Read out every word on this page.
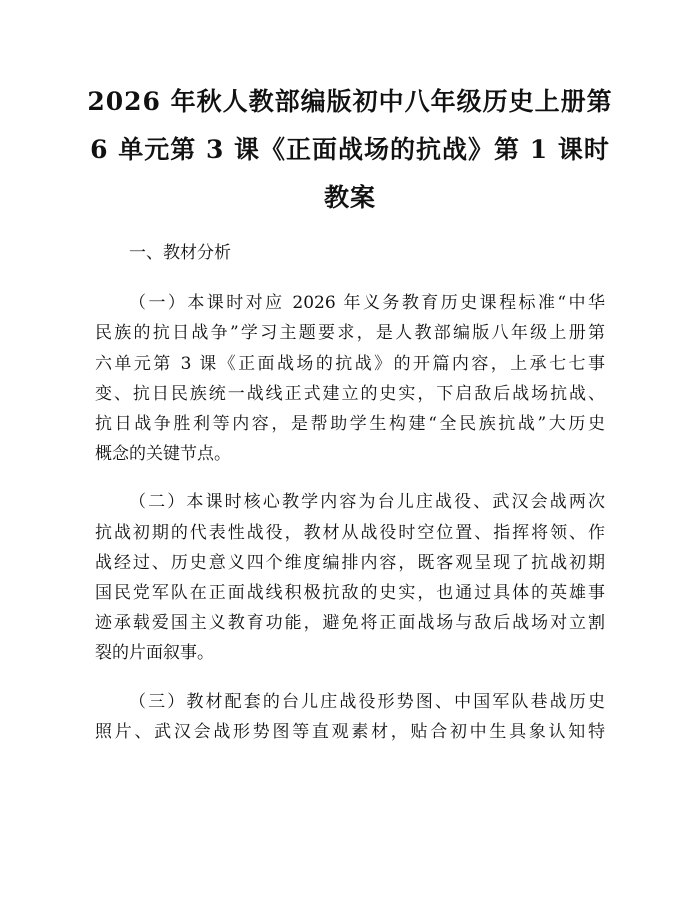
2026 年秋人教部编版初中八年级历史上册第
6 单元第 3 课《正面战场的抗战》第 1 课时
教案
一、教材分析
（一）本课时对应 2026 年义务教育历史课程标准“中华
民族的抗日战争”学习主题要求，是人教部编版八年级上册第
六单元第 3 课《正面战场的抗战》的开篇内容，上承七七事
变、抗日民族统一战线正式建立的史实，下启敌后战场抗战、
抗日战争胜利等内容，是帮助学生构建“全民族抗战”大历史
概念的关键节点。
（二）本课时核心教学内容为台儿庄战役、武汉会战两次
抗战初期的代表性战役，教材从战役时空位置、指挥将领、作
战经过、历史意义四个维度编排内容，既客观呈现了抗战初期
国民党军队在正面战线积极抗敌的史实，也通过具体的英雄事
迹承载爱国主义教育功能，避免将正面战场与敌后战场对立割
裂的片面叙事。
（三）教材配套的台儿庄战役形势图、中国军队巷战历史
照片、武汉会战形势图等直观素材，贴合初中生具象认知特
